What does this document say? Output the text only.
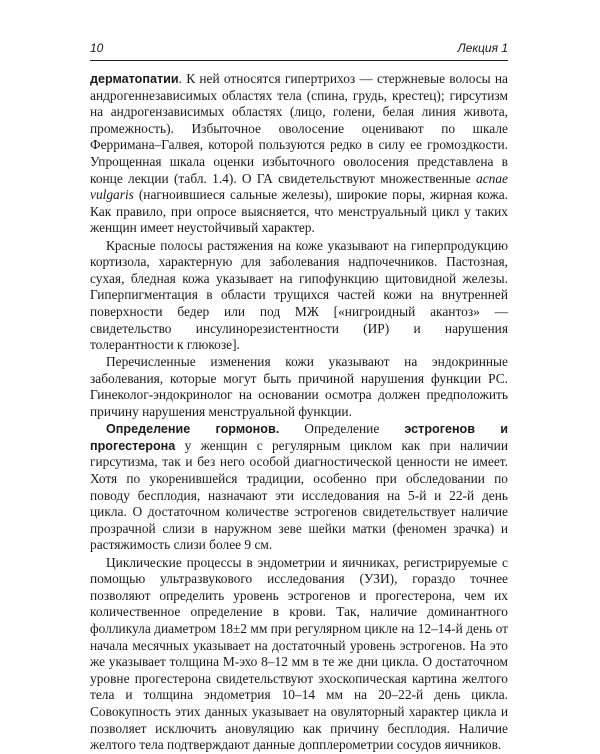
10	Лекция 1

дерматопатии. К ней относятся гипертрихоз — стержневые волосы на андрогеннезависимых областях тела (спина, грудь, крестец); гирсутизм на андрогензависимых областях (лицо, голени, белая линия живота, промежность). Избыточное оволосение оценивают по шкале Ферримана–Галвея, которой пользуются редко в силу ее громоздкости. Упрощенная шкала оценки избыточного оволосения представлена в конце лекции (табл. 1.4). О ГА свидетельствуют множественные acnae vulgaris (нагноившиеся сальные железы), широкие поры, жирная кожа. Как правило, при опросе выясняется, что менструальный цикл у таких женщин имеет неустойчивый характер.

Красные полосы растяжения на коже указывают на гиперпродукцию кортизола, характерную для заболевания надпочечников. Пастозная, сухая, бледная кожа указывает на гипофункцию щитовидной железы. Гиперпигментация в области трущихся частей кожи на внутренней поверхности бедер или под МЖ [«нигроидный акантоз» — свидетельство инсулинорезистентности (ИР) и нарушения толерантности к глюкозе].

Перечисленные изменения кожи указывают на эндокринные заболевания, которые могут быть причиной нарушения функции РС. Гинеколог-эндокринолог на основании осмотра должен предположить причину нарушения менструальной функции.

Определение гормонов. Определение эстрогенов и прогестерона у женщин с регулярным циклом как при наличии гирсутизма, так и без него особой диагностической ценности не имеет. Хотя по укоренившейся традиции, особенно при обследовании по поводу бесплодия, назначают эти исследования на 5-й и 22-й день цикла. О достаточном количестве эстрогенов свидетельствует наличие прозрачной слизи в наружном зеве шейки матки (феномен зрачка) и растяжимость слизи более 9 см.

Циклические процессы в эндометрии и яичниках, регистрируемые с помощью ультразвукового исследования (УЗИ), гораздо точнее позволяют определить уровень эстрогенов и прогестерона, чем их количественное определение в крови. Так, наличие доминантного фолликула диаметром 18±2 мм при регулярном цикле на 12–14-й день от начала месячных указывает на достаточный уровень эстрогенов. На это же указывает толщина М-эхо 8–12 мм в те же дни цикла. О достаточном уровне прогестерона свидетельствуют эхоскопическая картина желтого тела и толщина эндометрия 10–14 мм на 20–22-й день цикла. Совокупность этих данных указывает на овуляторный характер цикла и позволяет исключить ановуляцию как причину бесплодия. Наличие желтого тела подтверждают данные допплерометрии сосудов яичников.
